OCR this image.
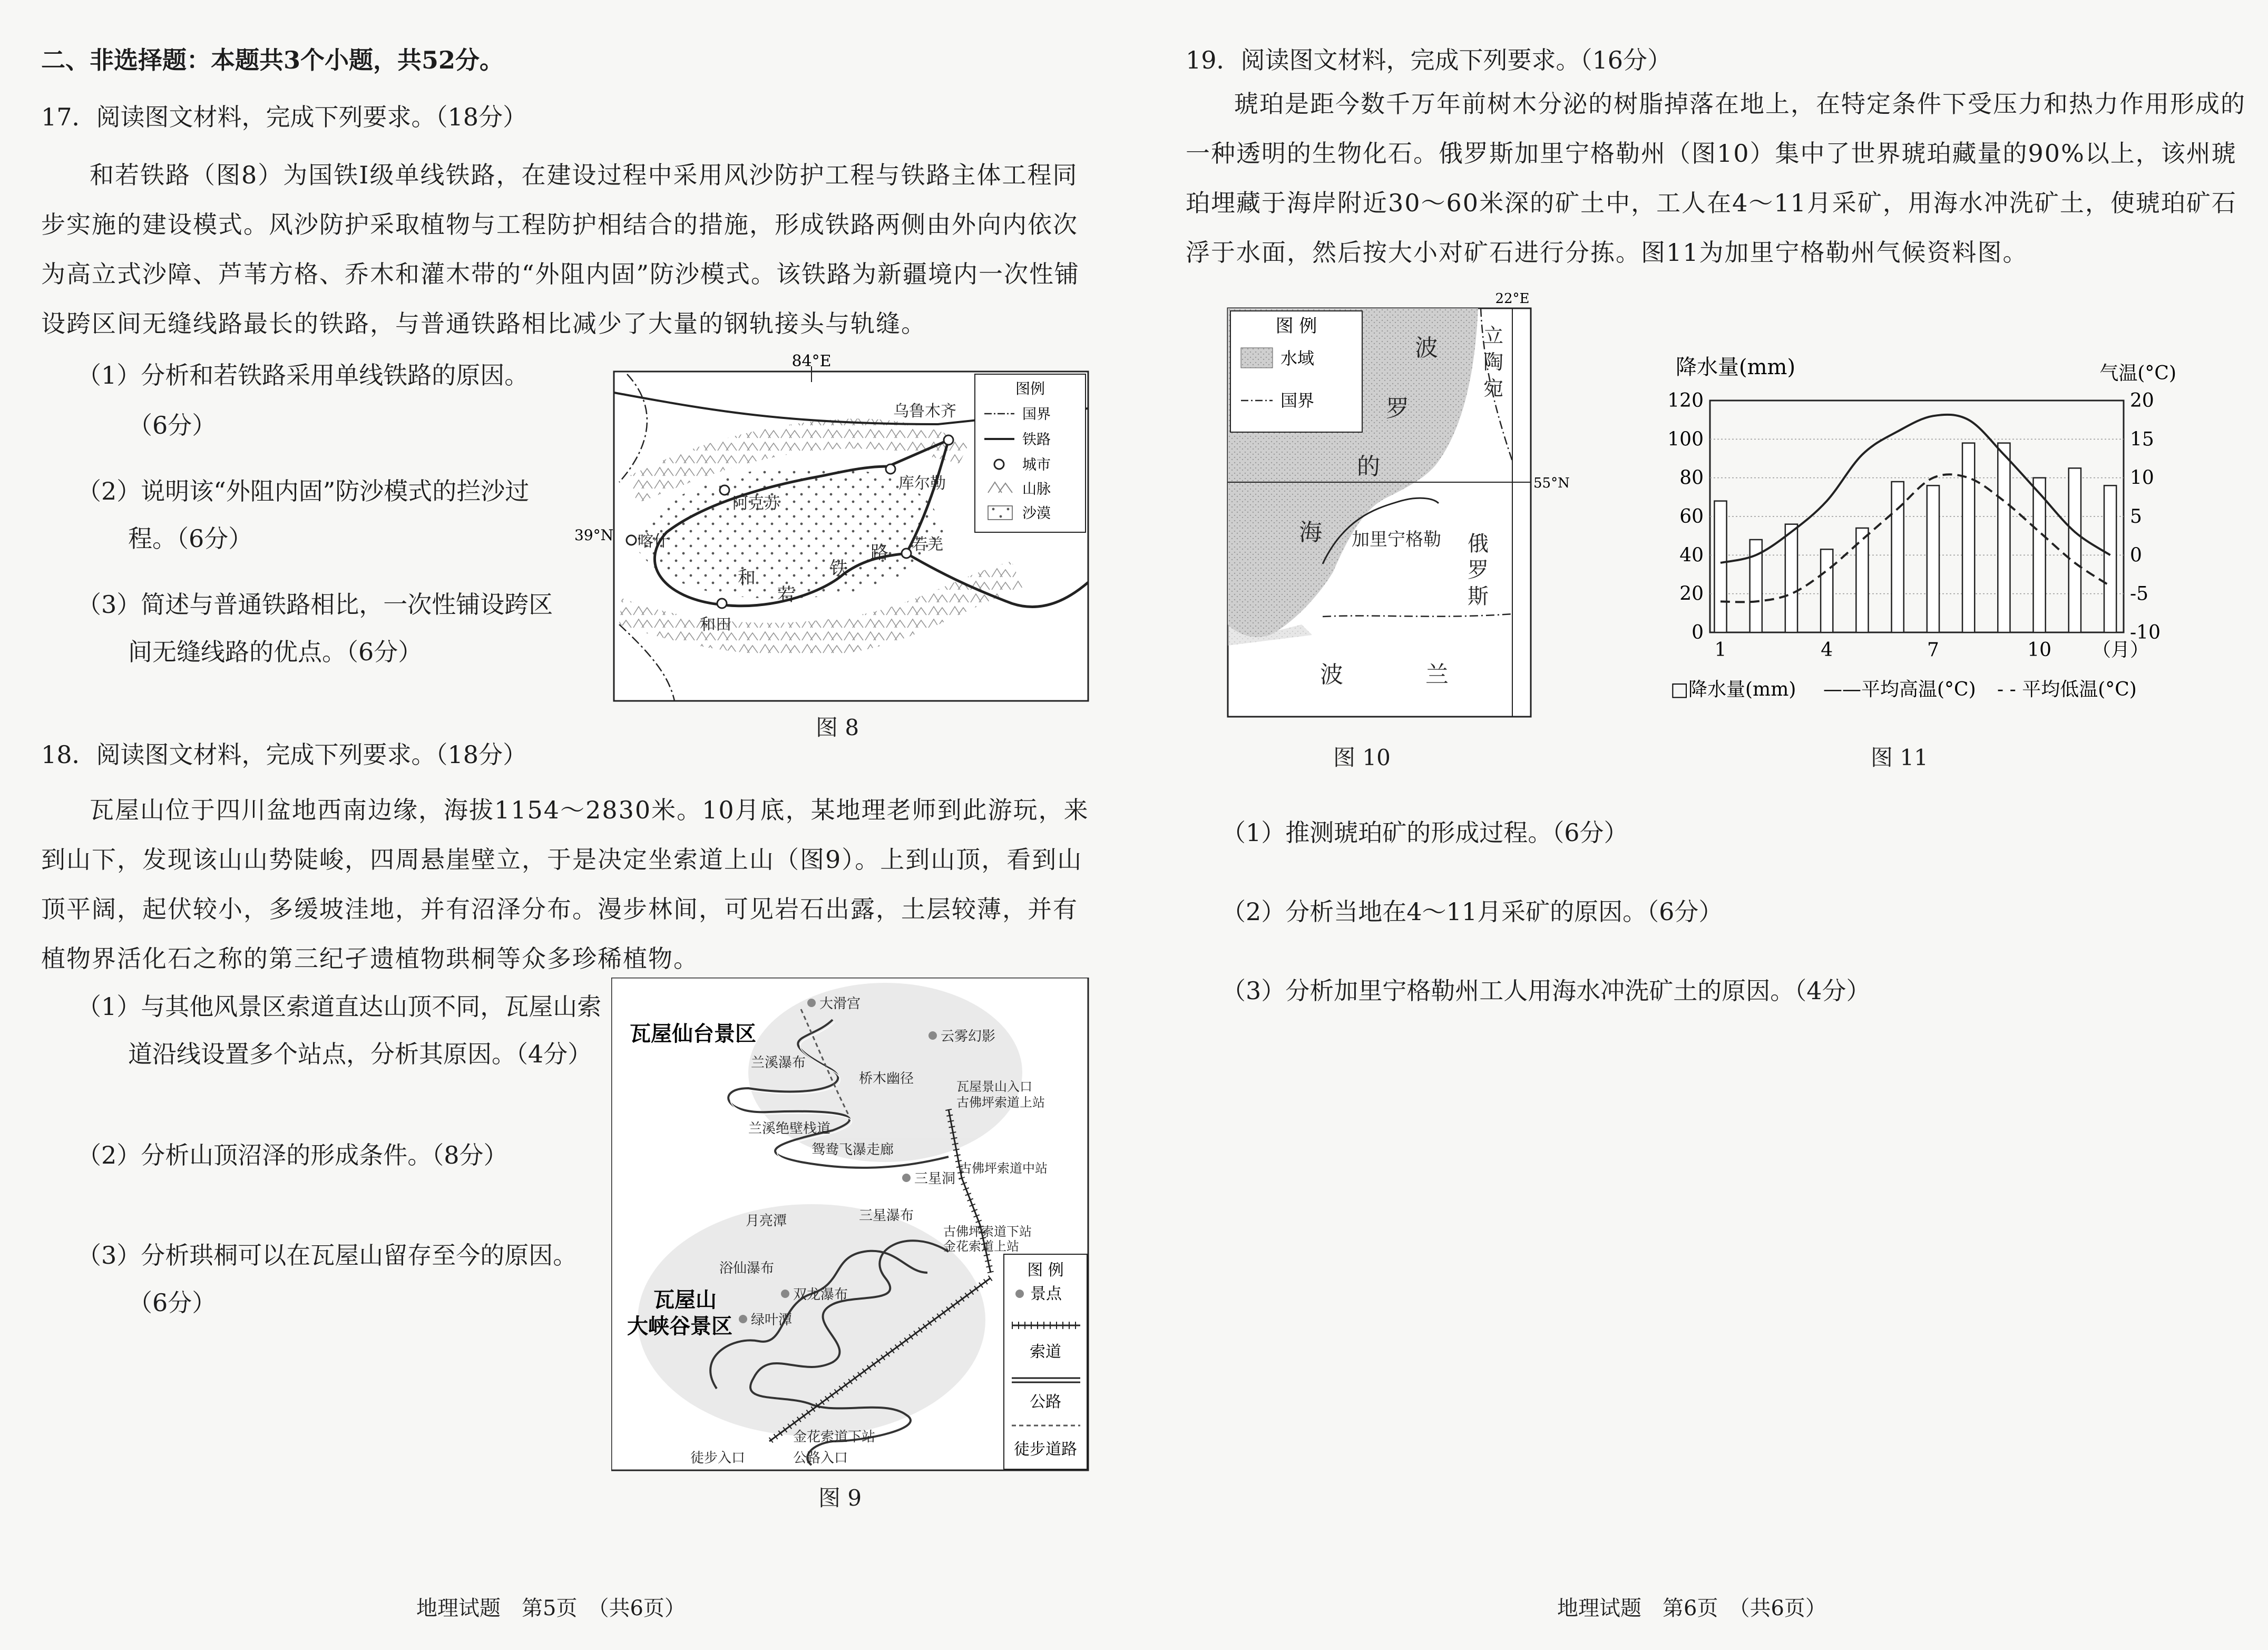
二、非选择题：本题共3个小题，共52分。
17．阅读图文材料，完成下列要求。（18分）
和若铁路（图8）为国铁Ⅰ级单线铁路，在建设过程中采用风沙防护工程与铁路主体工程同步实施的建设模式。风沙防护采取植物与工程防护相结合的措施，形成铁路两侧由外向内依次为高立式沙障、芦苇方格、乔木和灌木带的“外阻内固”防沙模式。该铁路为新疆境内一次性铺设跨区间无缝线路最长的铁路，与普通铁路相比减少了大量的钢轨接头与轨缝。
（1）分析和若铁路采用单线铁路的原因。
（6分）
（2）说明该“外阻内固”防沙模式的拦沙过
程。（6分）
（3）简述与普通铁路相比，一次性铺设跨区
间无缝线路的优点。（6分）
84°E
39°N
乌鲁木齐
库尔勒
阿克苏
喀什
和田
若羌
和
若
铁
路
图例
国界
铁路
城市
山脉
沙漠
图 8
18．阅读图文材料，完成下列要求。（18分）
瓦屋山位于四川盆地西南边缘，海拔1154～2830米。10月底，某地理老师到此游玩，来到山下，发现该山山势陡峻，四周悬崖壁立，于是决定坐索道上山（图9）。上到山顶，看到山顶平阔，起伏较小，多缓坡洼地，并有沼泽分布。漫步林间，可见岩石出露，土层较薄，并有植物界活化石之称的第三纪孑遗植物珙桐等众多珍稀植物。
（1）与其他风景区索道直达山顶不同，瓦屋山索
道沿线设置多个站点，分析其原因。（4分）
（2）分析山顶沼泽的形成条件。（8分）
（3）分析珙桐可以在瓦屋山留存至今的原因。
（6分）
瓦屋仙台景区
瓦屋山
大峡谷景区
大滑宫
云雾幻影
兰溪瀑布
桥木幽径	瓦屋景山入口
古佛坪索道上站
兰溪绝壁栈道
鸳鸯飞瀑走廊
古佛坪索道中站
三星洞
月亮潭	三星瀑布
古佛坪索道下站
金花索道上站
浴仙瀑布
双龙瀑布
绿叶潭
金花索道下站
徒步入口	公路入口
图 例
景点
索道
公路
徒步道路
图 9
地理试题　第5页　（共6页）
19．阅读图文材料，完成下列要求。（16分）
琥珀是距今数千万年前树木分泌的树脂掉落在地上，在特定条件下受压力和热力作用形成的一种透明的生物化石。俄罗斯加里宁格勒州（图10）集中了世界琥珀藏量的90%以上，该州琥珀埋藏于海岸附近30～60米深的矿土中，工人在4～11月采矿，用海水冲洗矿土，使琥珀矿石浮于水面，然后按大小对矿石进行分拣。图11为加里宁格勒州气候资料图。
（1）推测琥珀矿的形成过程。（6分）
（2）分析当地在4～11月采矿的原因。（6分）
（3）分析加里宁格勒州工人用海水冲洗矿土的原因。（4分）
22°E
55°N
图 例
水域
国界
波
罗
的
海
立
陶
宛
俄
罗
斯
加里宁格勒
波	兰
图 10
降水量(mm)	气温(°C)
120
100
80
60
40
20
0
20
15
10
5
0
-5
-10
1	4	7	10 （月）
□降水量(mm) ——平均高温(°C) - - 平均低温(°C)
图 11
地理试题　第6页　（共6页）
